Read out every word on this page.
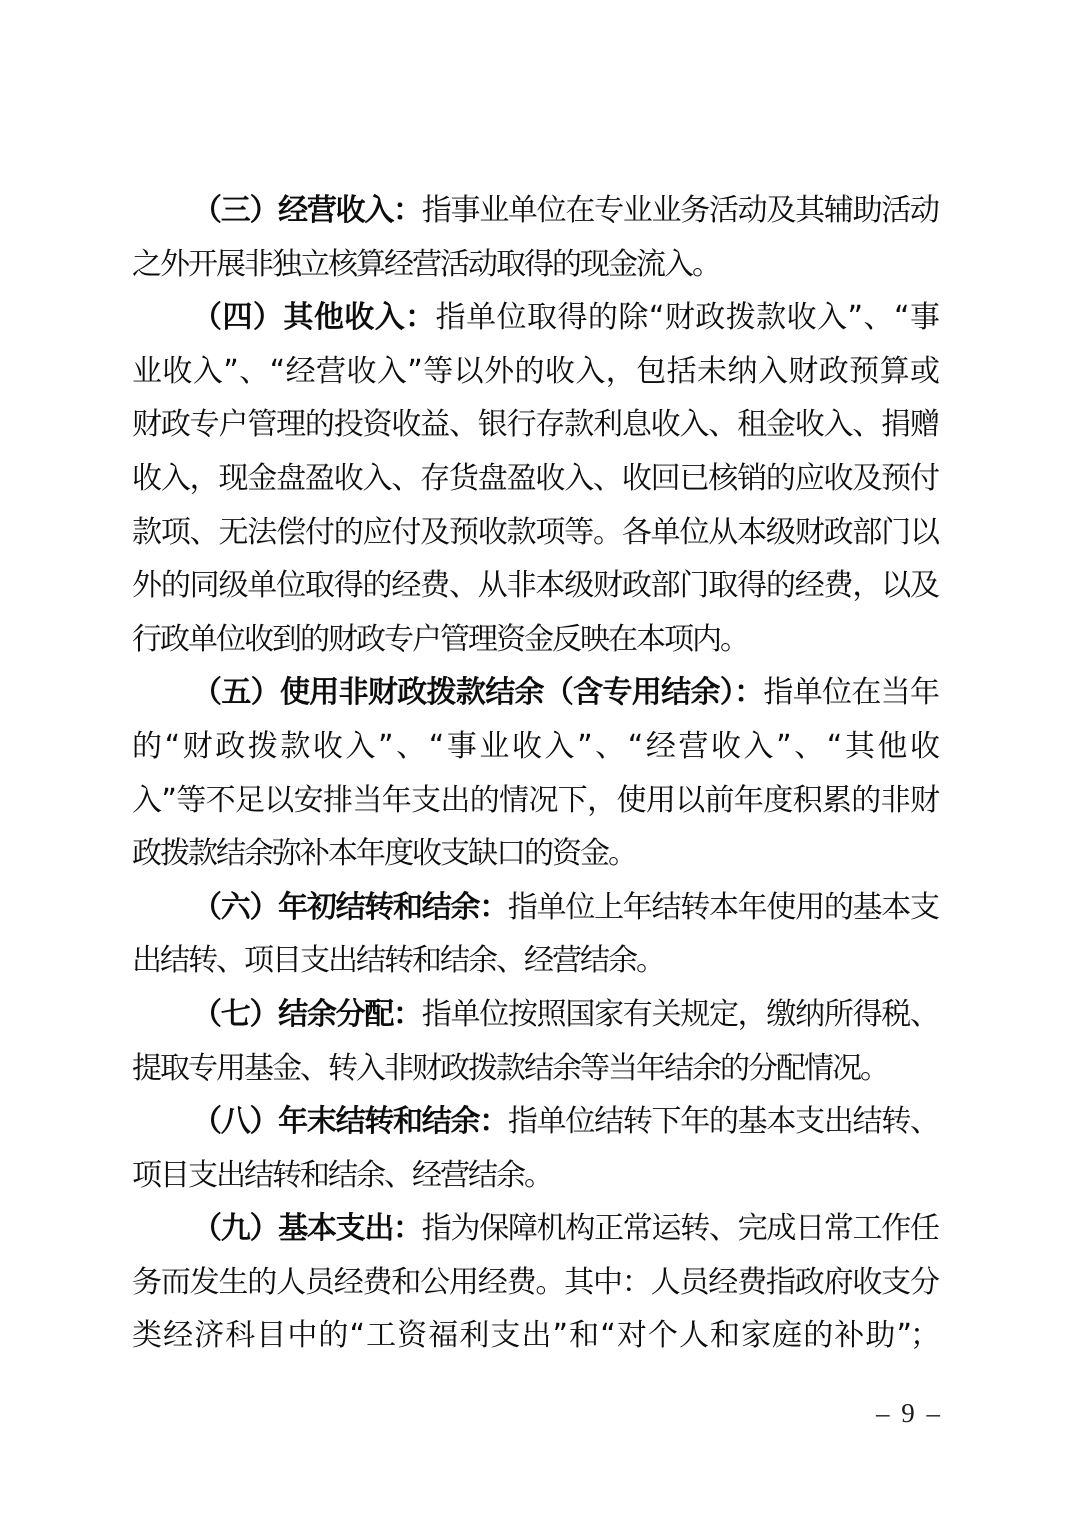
（三）经营收入：指事业单位在专业业务活动及其辅助活动
之外开展非独立核算经营活动取得的现金流入。
（四）其他收入：指单位取得的除“财政拨款收入”、“事
业收入”、“经营收入”等以外的收入，包括未纳入财政预算或
财政专户管理的投资收益、银行存款利息收入、租金收入、捐赠
收入，现金盘盈收入、存货盘盈收入、收回已核销的应收及预付
款项、无法偿付的应付及预收款项等。各单位从本级财政部门以
外的同级单位取得的经费、从非本级财政部门取得的经费，以及
行政单位收到的财政专户管理资金反映在本项内。
（五）使用非财政拨款结余（含专用结余）：指单位在当年
的“财政拨款收入”、“事业收入”、“经营收入”、“其他收
入”等不足以安排当年支出的情况下，使用以前年度积累的非财
政拨款结余弥补本年度收支缺口的资金。
（六）年初结转和结余：指单位上年结转本年使用的基本支
出结转、项目支出结转和结余、经营结余。
（七）结余分配：指单位按照国家有关规定，缴纳所得税、
提取专用基金、转入非财政拨款结余等当年结余的分配情况。
（八）年末结转和结余：指单位结转下年的基本支出结转、
项目支出结转和结余、经营结余。
（九）基本支出：指为保障机构正常运转、完成日常工作任
务而发生的人员经费和公用经费。其中：人员经费指政府收支分
类经济科目中的“工资福利支出”和“对个人和家庭的补助”；
– 9 –
